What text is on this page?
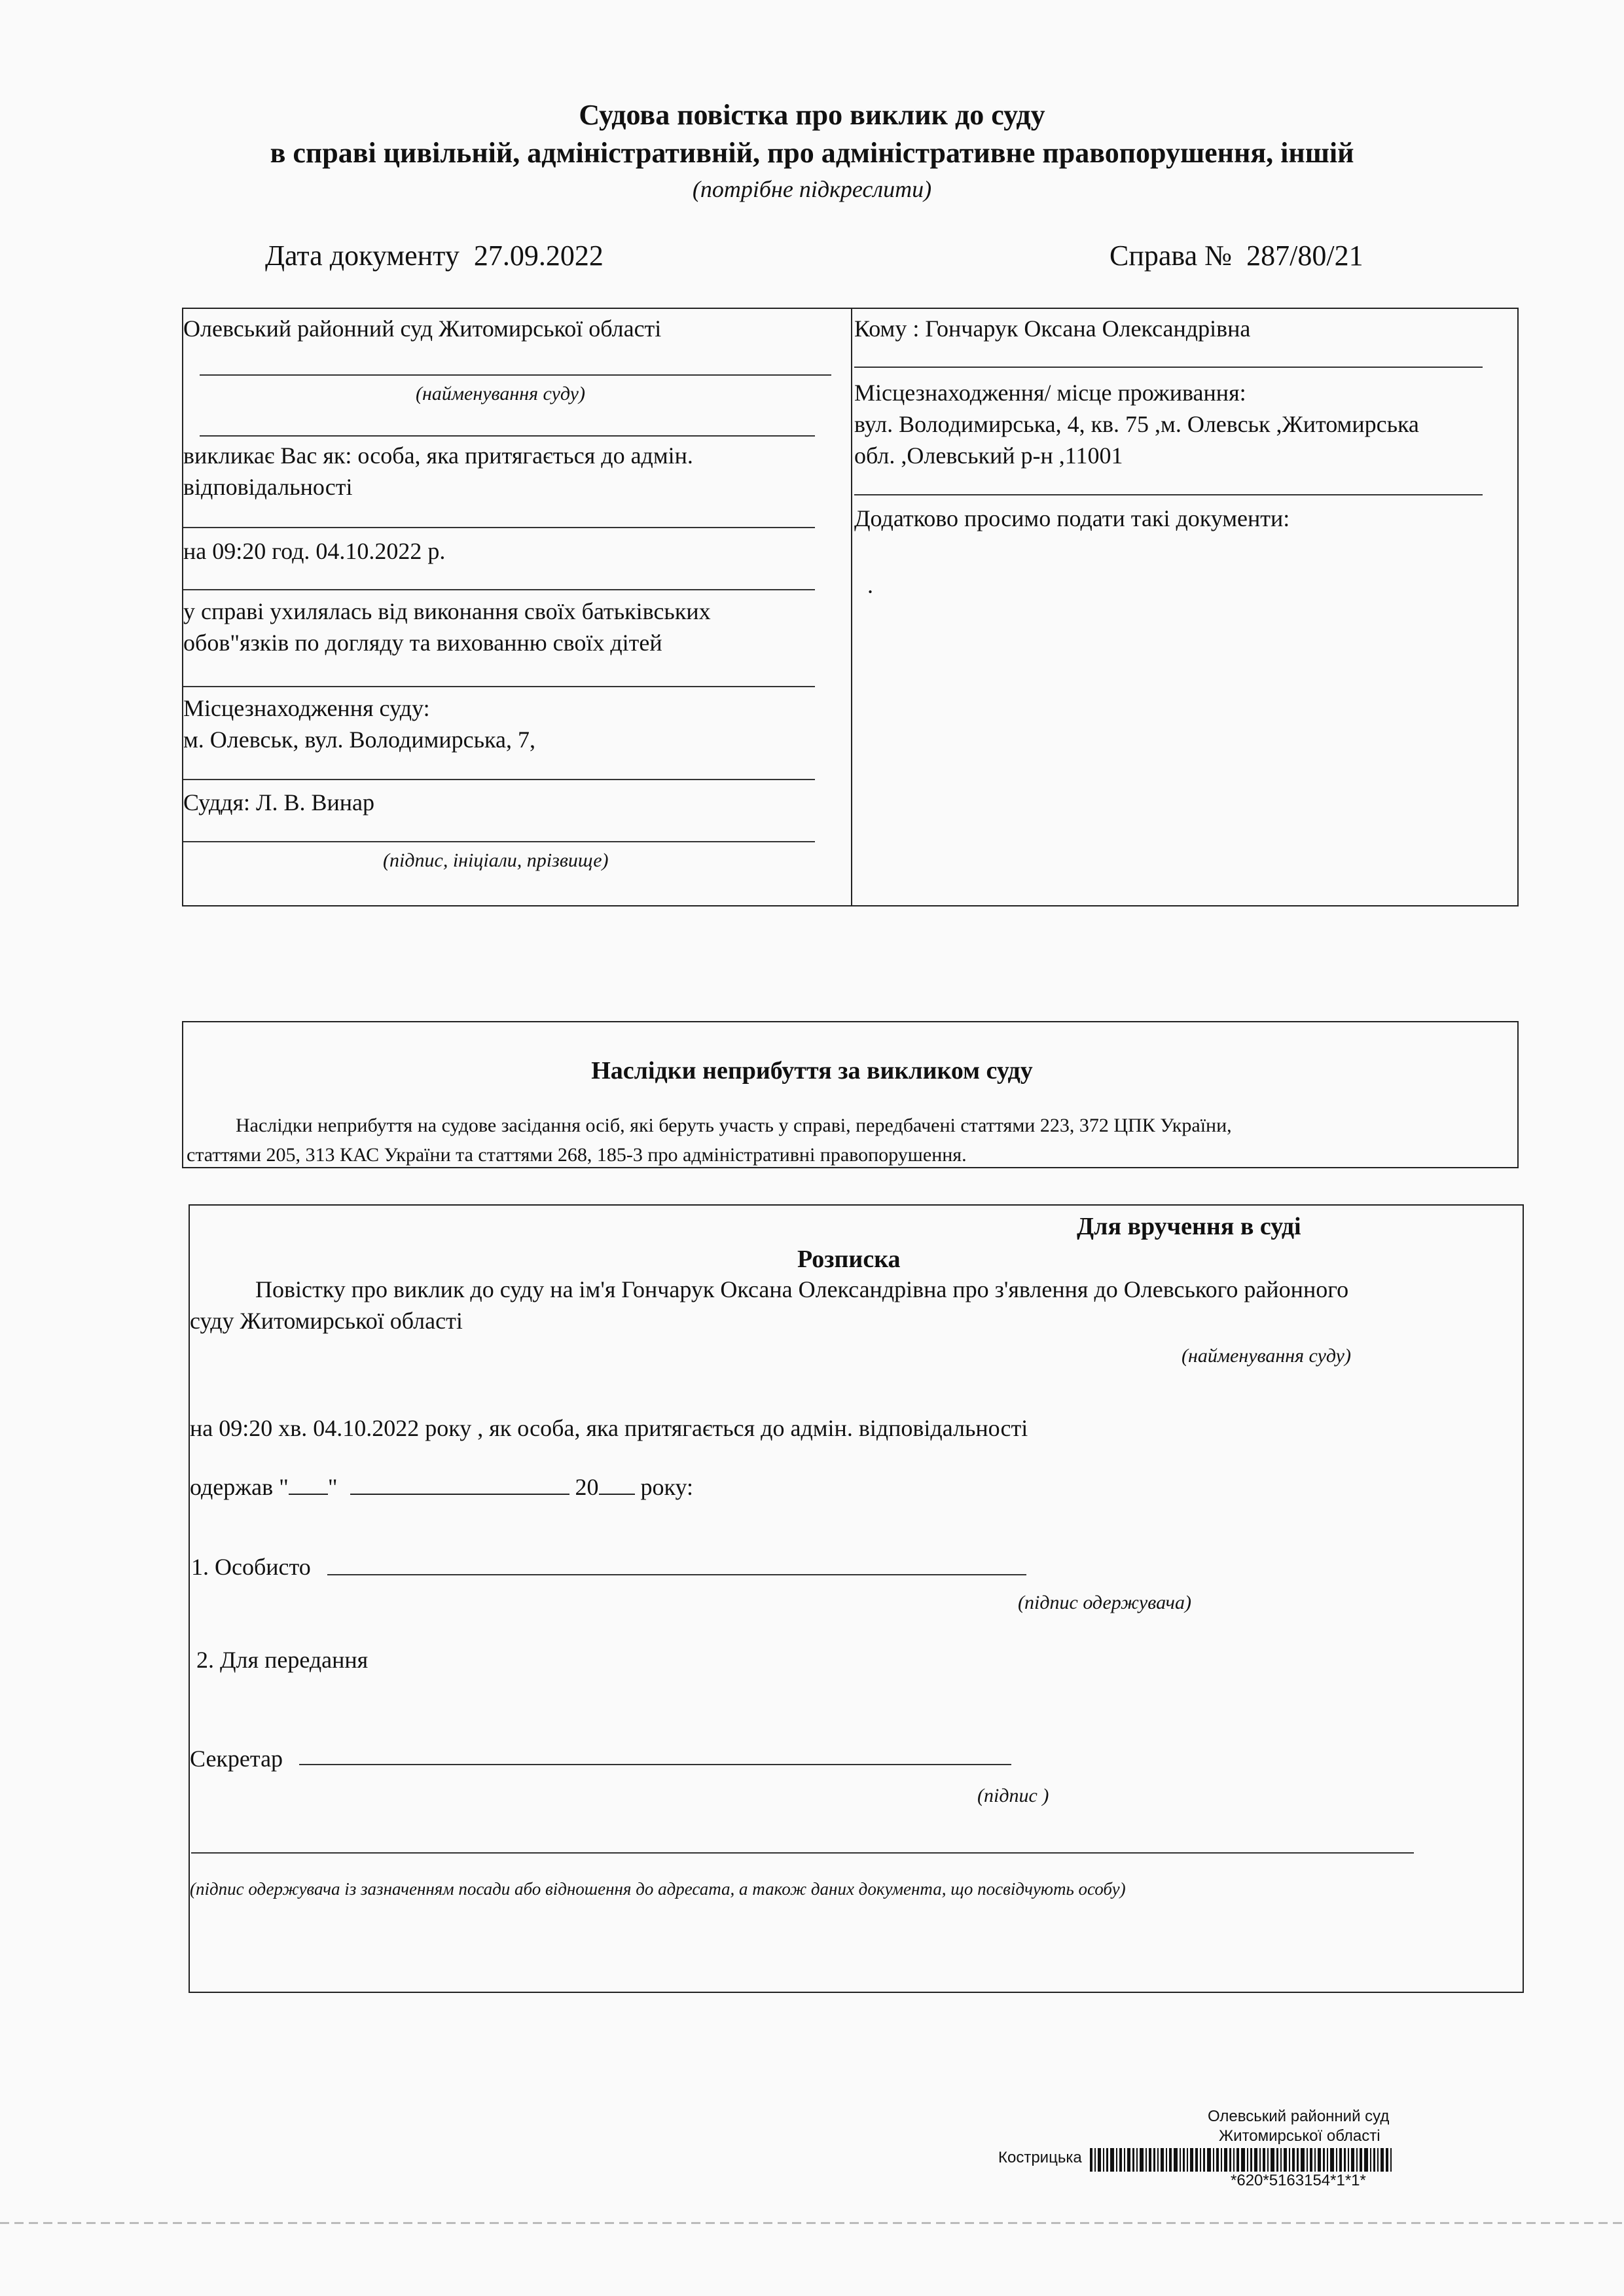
Судова повістка про виклик до суду
в справі цивільній, адміністративній, про адміністративне правопорушення, іншій
(потрібне підкреслити)
Дата документу 27.09.2022	Справа № 287/80/21
Олевський районний суд Житомирської області
(найменування суду)
викликає Вас як: особа, яка притягається до адмін.
відповідальності
на 09:20 год. 04.10.2022 р.
у справі ухилялась від виконання своїх батьківських
обов"язків по догляду та вихованню своїх дітей
Місцезнаходження суду:
м. Олевськ, вул. Володимирська, 7,
Суддя: Л. В. Винар
(підпис, ініціали, прізвище)
Кому : Гончарук Оксана Олександрівна
Місцезнаходження/ місце проживання:
вул. Володимирська, 4, кв. 75 ,м. Олевськ ,Житомирська
обл. ,Олевський р-н ,11001
Додатково просимо подати такі документи:
.
Наслідки неприбуття за викликом суду
Наслідки неприбуття на судове засідання осіб, які беруть участь у справі, передбачені статтями 223, 372 ЦПК України,
статтями 205, 313 КАС України та статтями 268, 185-3 про адміністративні правопорушення.
Для вручення в суді
Розписка
Повістку про виклик до суду на ім'я Гончарук Оксана Олександрівна про з'явлення до Олевського районного
суду Житомирської області
(найменування суду)
на 09:20 хв. 04.10.2022 року , як особа, яка притягається до адмін. відповідальності
одержав " "	20 року:
1. Особисто
(підпис одержувача)
2. Для передання
Секретар
(підпис )
(підпис одержувача із зазначенням посади або відношення до адресата, а також даних документа, що посвідчують особу)
Олевський районний суд
Житомирської області
Кострицька
*620*5163154*1*1*
